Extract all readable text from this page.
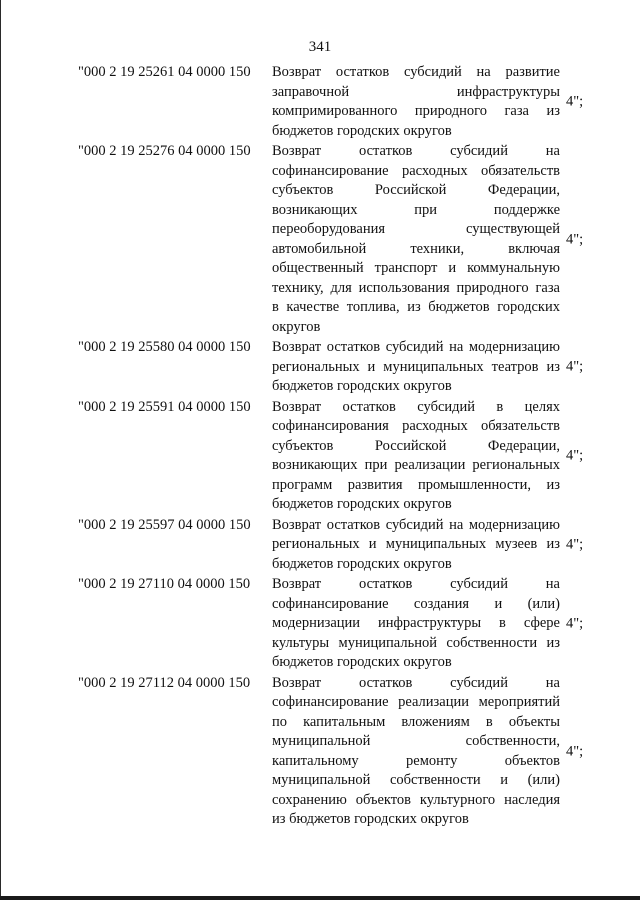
341
"000 2 19 25261 04 0000 150	Возврат остатков субсидий на развитие
заправочной инфраструктуры
компримированного природного газа из
бюджетов городских округов
4";
"000 2 19 25276 04 0000 150	Возврат остатков субсидий на
софинансирование расходных обязательств
субъектов Российской Федерации,
возникающих при поддержке
переоборудования существующей
автомобильной техники, включая
общественный транспорт и коммунальную
технику, для использования природного газа
в качестве топлива, из бюджетов городских
округов
4";
"000 2 19 25580 04 0000 150	Возврат остатков субсидий на модернизацию
региональных и муниципальных театров из
бюджетов городских округов
4";
"000 2 19 25591 04 0000 150	Возврат остатков субсидий в целях
софинансирования расходных обязательств
субъектов Российской Федерации,
возникающих при реализации региональных
программ развития промышленности, из
бюджетов городских округов
4";
"000 2 19 25597 04 0000 150	Возврат остатков субсидий на модернизацию
региональных и муниципальных музеев из
бюджетов городских округов
4";
"000 2 19 27110 04 0000 150	Возврат остатков субсидий на
софинансирование создания и (или)
модернизации инфраструктуры в сфере
культуры муниципальной собственности из
бюджетов городских округов
4";
"000 2 19 27112 04 0000 150	Возврат остатков субсидий на
софинансирование реализации мероприятий
по капитальным вложениям в объекты
муниципальной собственности,
капитальному ремонту объектов
муниципальной собственности и (или)
сохранению объектов культурного наследия
из бюджетов городских округов
4";
